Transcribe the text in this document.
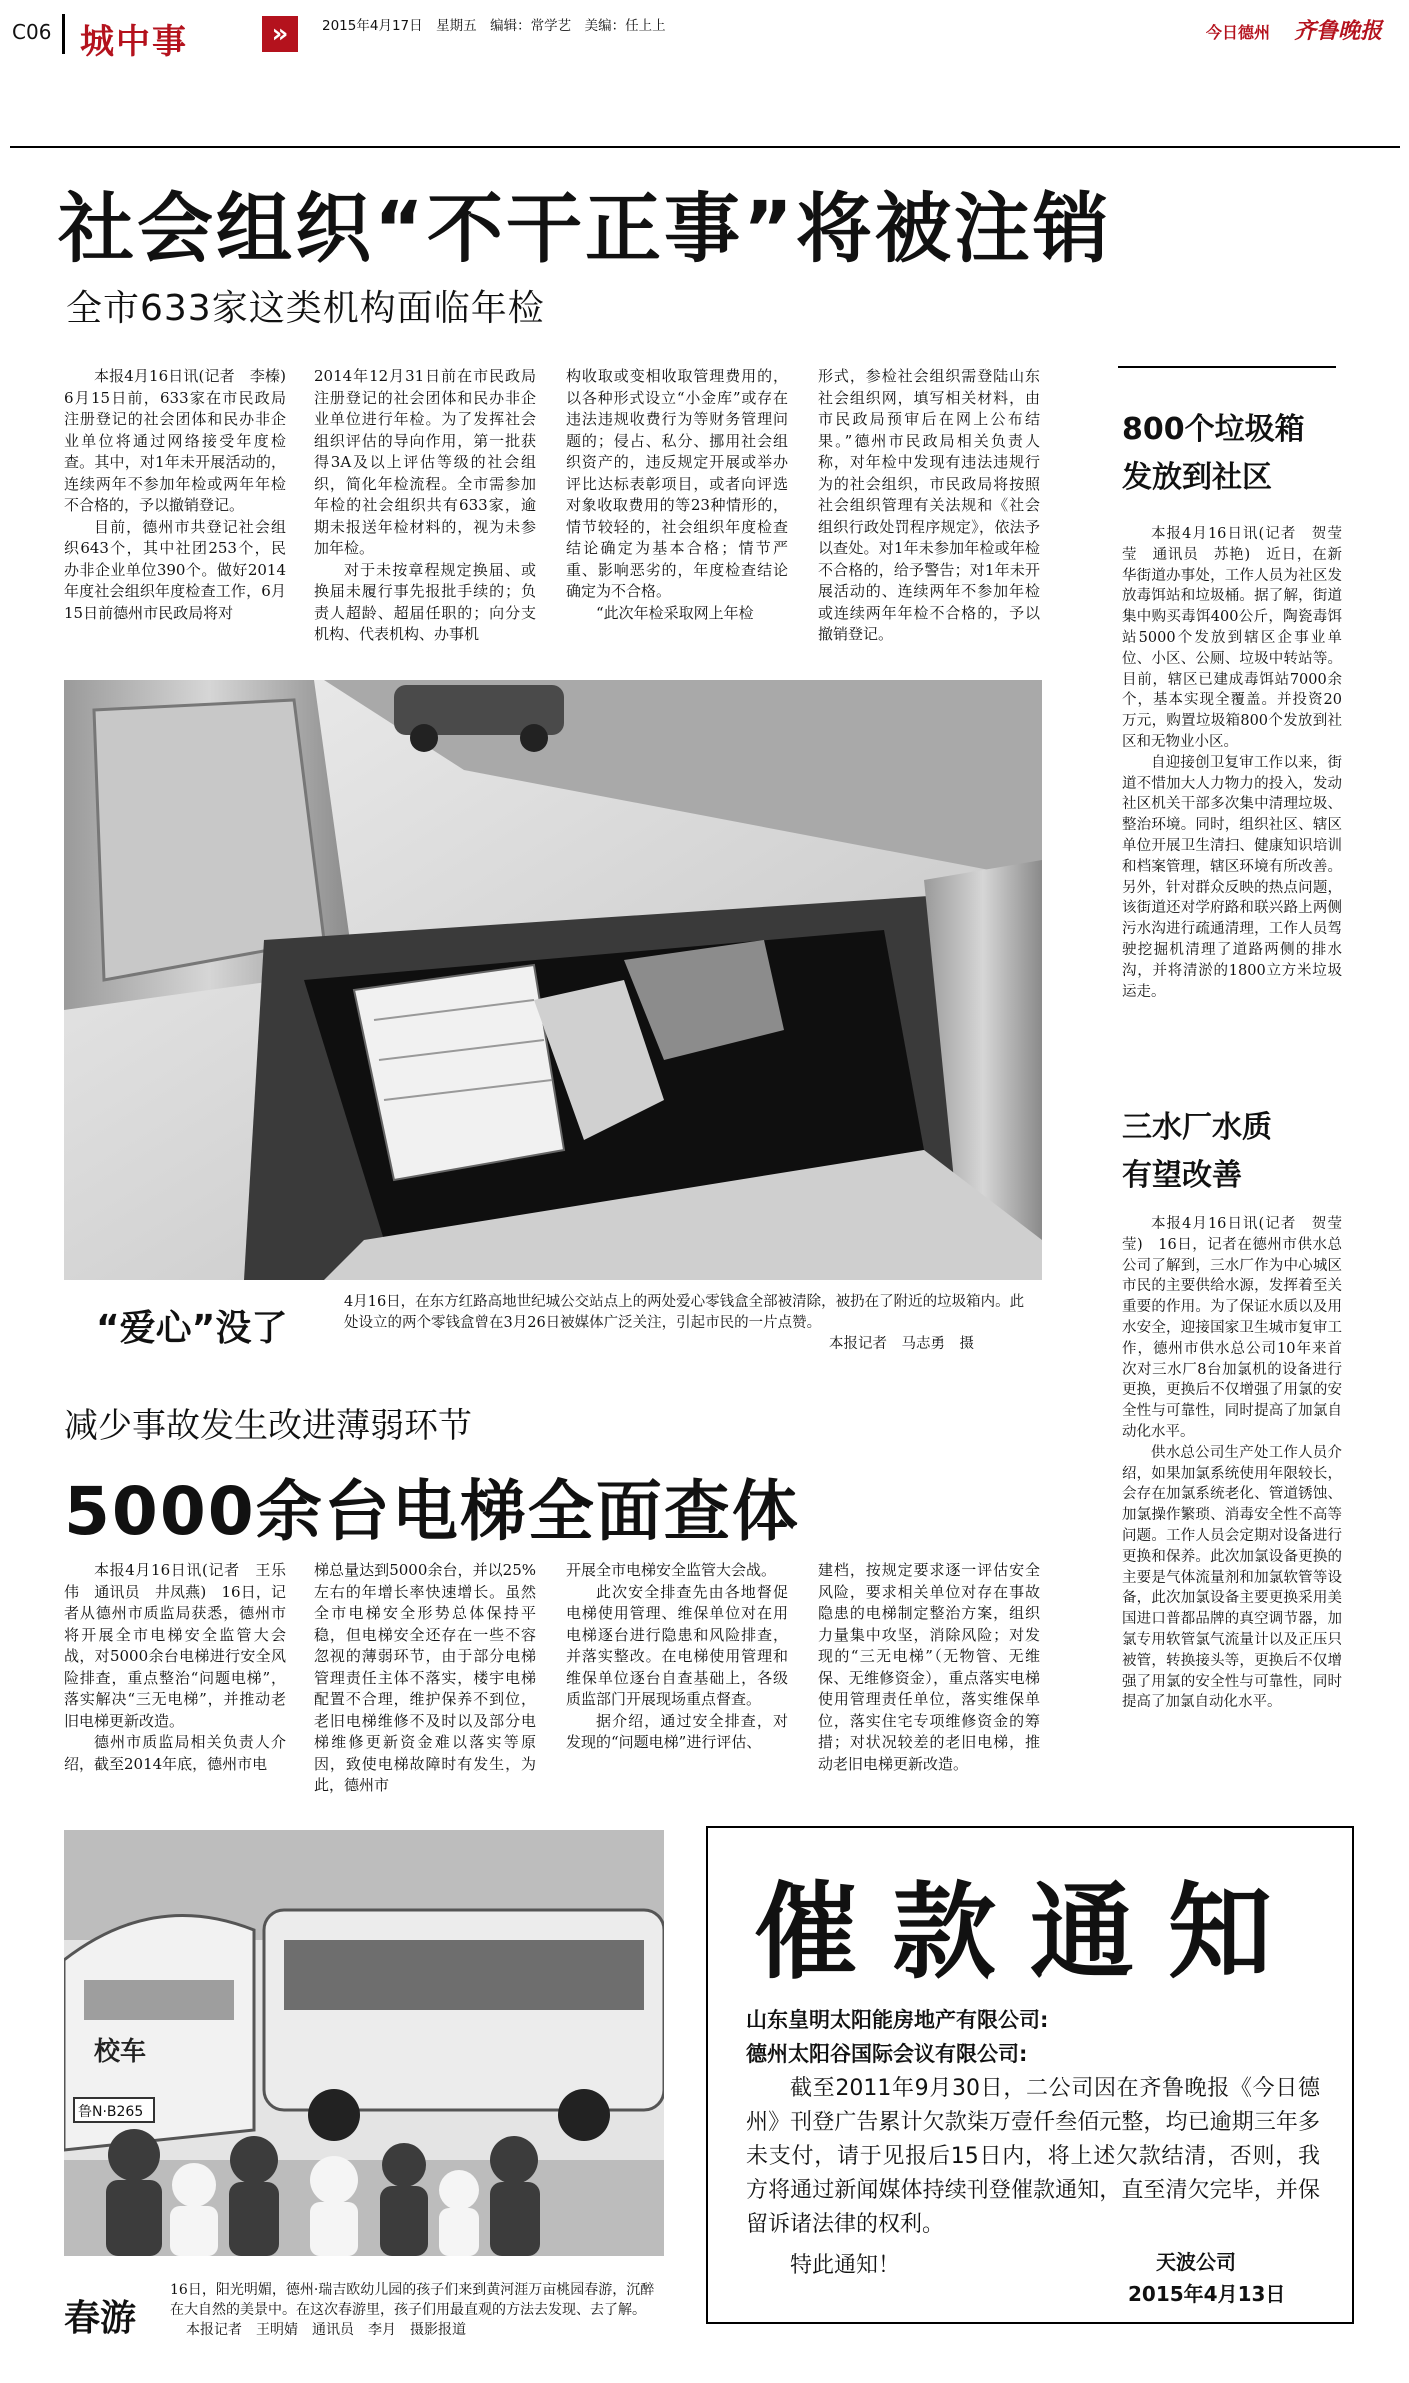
C06 城中事	»	2015年4月17日　星期五　编辑：常学艺　美编：任上上	今日德州 齐鲁晚报
社会组织“不干正事”将被注销
全市633家这类机构面临年检

本报4月16日讯(记者　李榛)　6月15日前，633家在市民政局注册登记的社会团体和民办非企业单位将通过网络接受年度检查。其中，对1年未开展活动的，连续两年不参加年检或两年年检不合格的，予以撤销登记。

目前，德州市共登记社会组织643个，其中社团253个，民办非企业单位390个。做好2014年度社会组织年度检查工作，6月15日前德州市民政局将对

2014年12月31日前在市民政局注册登记的社会团体和民办非企业单位进行年检。为了发挥社会组织评估的导向作用，第一批获得3A及以上评估等级的社会组织，简化年检流程。全市需参加年检的社会组织共有633家，逾期未报送年检材料的，视为未参加年检。

对于未按章程规定换届、或换届未履行事先报批手续的；负责人超龄、超届任职的；向分支机构、代表机构、办事机

构收取或变相收取管理费用的，以各种形式设立“小金库”或存在违法违规收费行为等财务管理问题的；侵占、私分、挪用社会组织资产的，违反规定开展或举办评比达标表彰项目，或者向评选对象收取费用的等23种情形的，情节较轻的，社会组织年度检查结论确定为基本合格；情节严重、影响恶劣的，年度检查结论确定为不合格。

“此次年检采取网上年检

形式，参检社会组织需登陆山东社会组织网，填写相关材料，由市民政局预审后在网上公布结果。”德州市民政局相关负责人称，对年检中发现有违法违规行为的社会组织，市民政局将按照社会组织管理有关法规和《社会组织行政处罚程序规定》，依法予以查处。对1年未参加年检或年检不合格的，给予警告；对1年未开展活动的、连续两年不参加年检或连续两年年检不合格的，予以撤销登记。

“爱心”没了
4月16日，在东方红路高地世纪城公交站点上的两处爱心零钱盒全部被清除，被扔在了附近的垃圾箱内。此处设立的两个零钱盒曾在3月26日被媒体广泛关注，引起市民的一片点赞。
本报记者　马志勇　摄
减少事故发生改进薄弱环节
5000余台电梯全面查体

本报4月16日讯(记者　王乐伟　通讯员　井凤燕)　16日，记者从德州市质监局获悉，德州市将开展全市电梯安全监管大会战，对5000余台电梯进行安全风险排查，重点整治“问题电梯”，落实解决“三无电梯”，并推动老旧电梯更新改造。

德州市质监局相关负责人介绍，截至2014年底，德州市电

梯总量达到5000余台，并以25%左右的年增长率快速增长。虽然全市电梯安全形势总体保持平稳，但电梯安全还存在一些不容忽视的薄弱环节，由于部分电梯管理责任主体不落实，楼宇电梯配置不合理，维护保养不到位，老旧电梯维修不及时以及部分电梯维修更新资金难以落实等原因，致使电梯故障时有发生，为此，德州市

开展全市电梯安全监管大会战。

此次安全排查先由各地督促电梯使用管理、维保单位对在用电梯逐台进行隐患和风险排查，并落实整改。在电梯使用管理和维保单位逐台自查基础上，各级质监部门开展现场重点督查。

据介绍，通过安全排查，对发现的“问题电梯”进行评估、

建档，按规定要求逐一评估安全风险，要求相关单位对存在事故隐患的电梯制定整治方案，组织力量集中攻坚，消除风险；对发现的“三无电梯”（无物管、无维保、无维修资金），重点落实电梯使用管理责任单位，落实维保单位，落实住宅专项维修资金的筹措；对状况较差的老旧电梯，推动老旧电梯更新改造。

800个垃圾箱
发放到社区

本报4月16日讯(记者　贺莹莹　通讯员　苏艳)　近日，在新华街道办事处，工作人员为社区发放毒饵站和垃圾桶。据了解，街道集中购买毒饵400公斤，陶瓷毒饵站5000个发放到辖区企事业单位、小区、公厕、垃圾中转站等。目前，辖区已建成毒饵站7000余个，基本实现全覆盖。并投资20万元，购置垃圾箱800个发放到社区和无物业小区。

自迎接创卫复审工作以来，街道不惜加大人力物力的投入，发动社区机关干部多次集中清理垃圾、整治环境。同时，组织社区、辖区单位开展卫生清扫、健康知识培训和档案管理，辖区环境有所改善。另外，针对群众反映的热点问题，该街道还对学府路和联兴路上两侧污水沟进行疏通清理，工作人员驾驶挖掘机清理了道路两侧的排水沟，并将清淤的1800立方米垃圾运走。

三水厂水质
有望改善

本报4月16日讯(记者　贺莹莹)　16日，记者在德州市供水总公司了解到，三水厂作为中心城区市民的主要供给水源，发挥着至关重要的作用。为了保证水质以及用水安全，迎接国家卫生城市复审工作，德州市供水总公司10年来首次对三水厂8台加氯机的设备进行更换，更换后不仅增强了用氯的安全性与可靠性，同时提高了加氯自动化水平。

供水总公司生产处工作人员介绍，如果加氯系统使用年限较长，会存在加氯系统老化、管道锈蚀、加氯操作繁琐、消毒安全性不高等问题。工作人员会定期对设备进行更换和保养。此次加氯设备更换的主要是气体流量剂和加氯软管等设备，此次加氯设备主要更换采用美国进口普都品牌的真空调节器，加氯专用软管氯气流量计以及正压只被管，转换接头等，更换后不仅增强了用氯的安全性与可靠性，同时提高了加氯自动化水平。

校车
鲁N·B265
春游
16日，阳光明媚，德州·瑞吉欧幼儿园的孩子们来到黄河涯万亩桃园春游，沉醉在大自然的美景中。在这次春游里，孩子们用最直观的方法去发现、去了解。 本报记者　王明婧　通讯员　李月　摄影报道
催款通知
山东皇明太阳能房地产有限公司:
德州太阳谷国际会议有限公司:
截至2011年9月30日，二公司因在齐鲁晚报《今日德州》刊登广告累计欠款柒万壹仟叁佰元整，均已逾期三年多未支付，请于见报后15日内，将上述欠款结清，否则，我方将通过新闻媒体持续刊登催款通知，直至清欠完毕，并保留诉诸法律的权利。
特此通知！	天波公司
2015年4月13日
